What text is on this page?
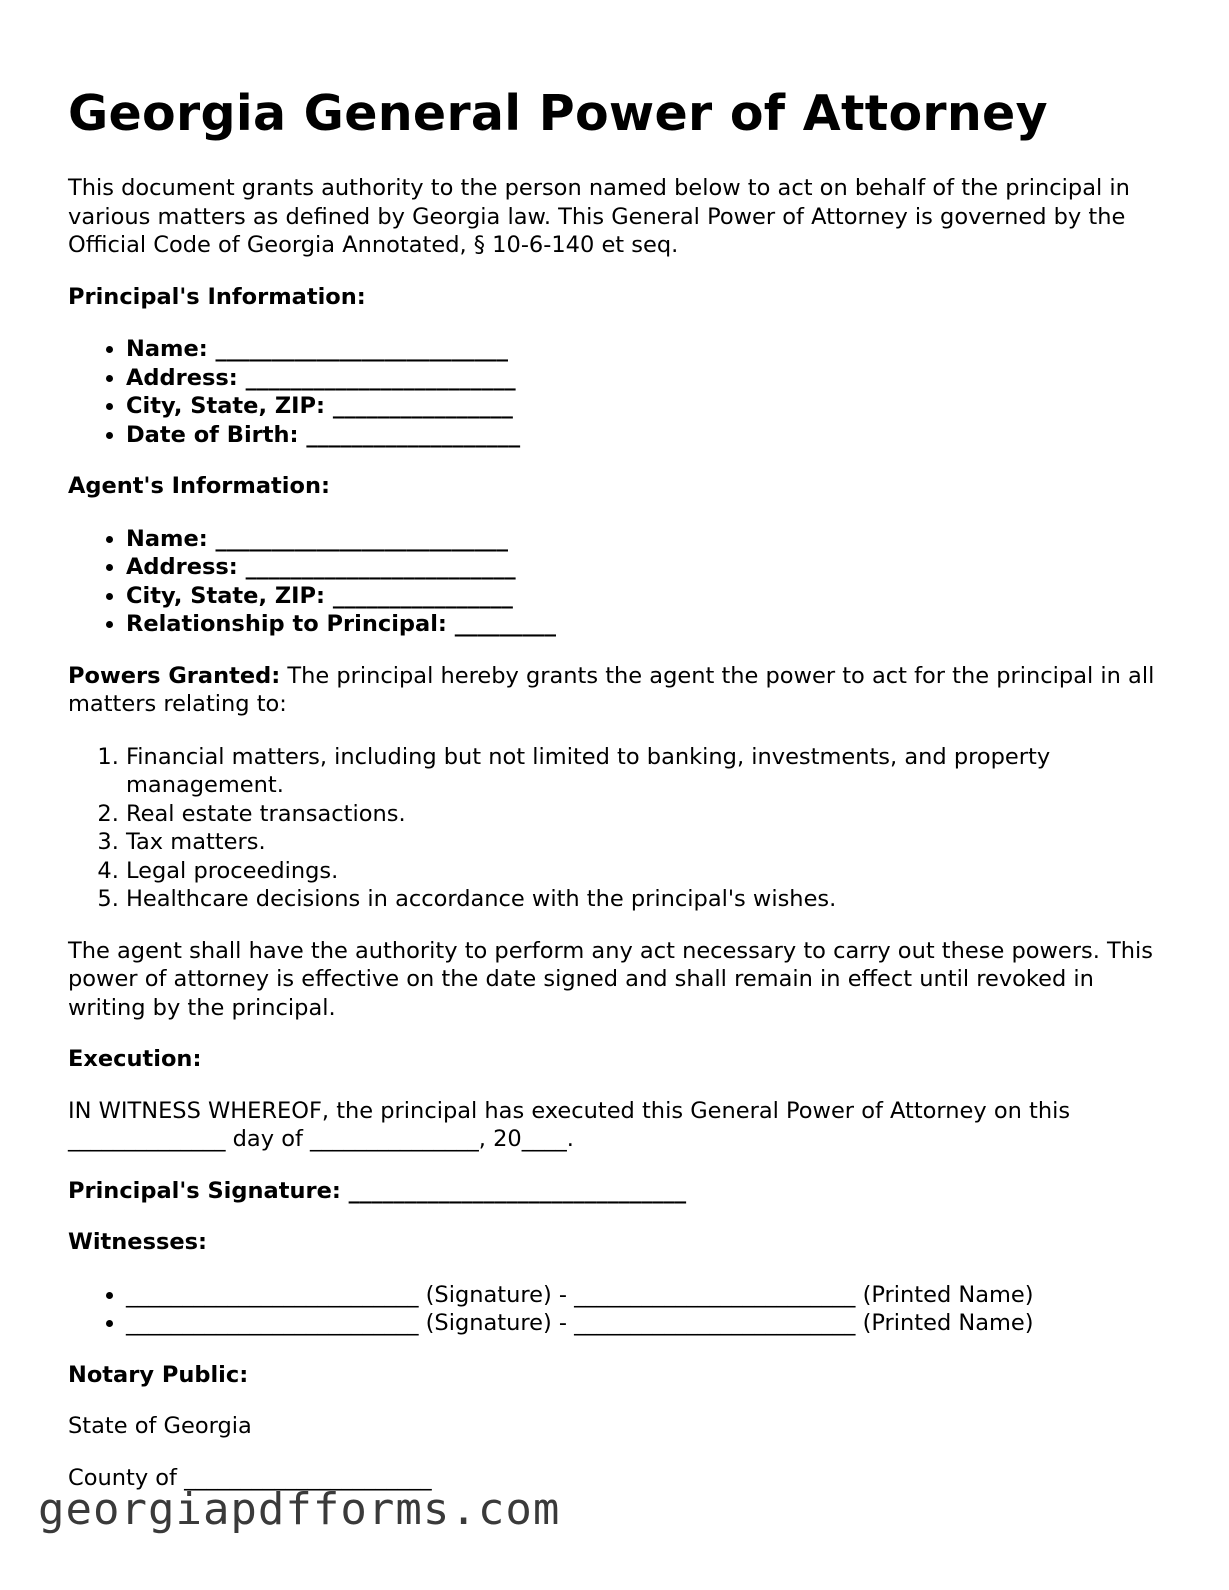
Georgia General Power of Attorney

This document grants authority to the person named below to act on behalf of the principal in various matters as defined by Georgia law. This General Power of Attorney is governed by the Official Code of Georgia Annotated, § 10-6-140 et seq.

Principal's Information:

• Name: __________________________
• Address: ________________________
• City, State, ZIP: ________________
• Date of Birth: ___________________

Agent's Information:

• Name: __________________________
• Address: ________________________
• City, State, ZIP: ________________
• Relationship to Principal: _________

Powers Granted: The principal hereby grants the agent the power to act for the principal in all matters relating to:

1. Financial matters, including but not limited to banking, investments, and property management.
2. Real estate transactions.
3. Tax matters.
4. Legal proceedings.
5. Healthcare decisions in accordance with the principal's wishes.

The agent shall have the authority to perform any act necessary to carry out these powers. This power of attorney is effective on the date signed and shall remain in effect until revoked in writing by the principal.

Execution:

IN WITNESS WHEREOF, the principal has executed this General Power of Attorney on this ______________ day of _______________, 20____.

Principal's Signature: ______________________________

Witnesses:

• __________________________ (Signature) - _________________________ (Printed Name)
• __________________________ (Signature) - _________________________ (Printed Name)

Notary Public:

State of Georgia

County of ______________________

georgiapdfforms.com
